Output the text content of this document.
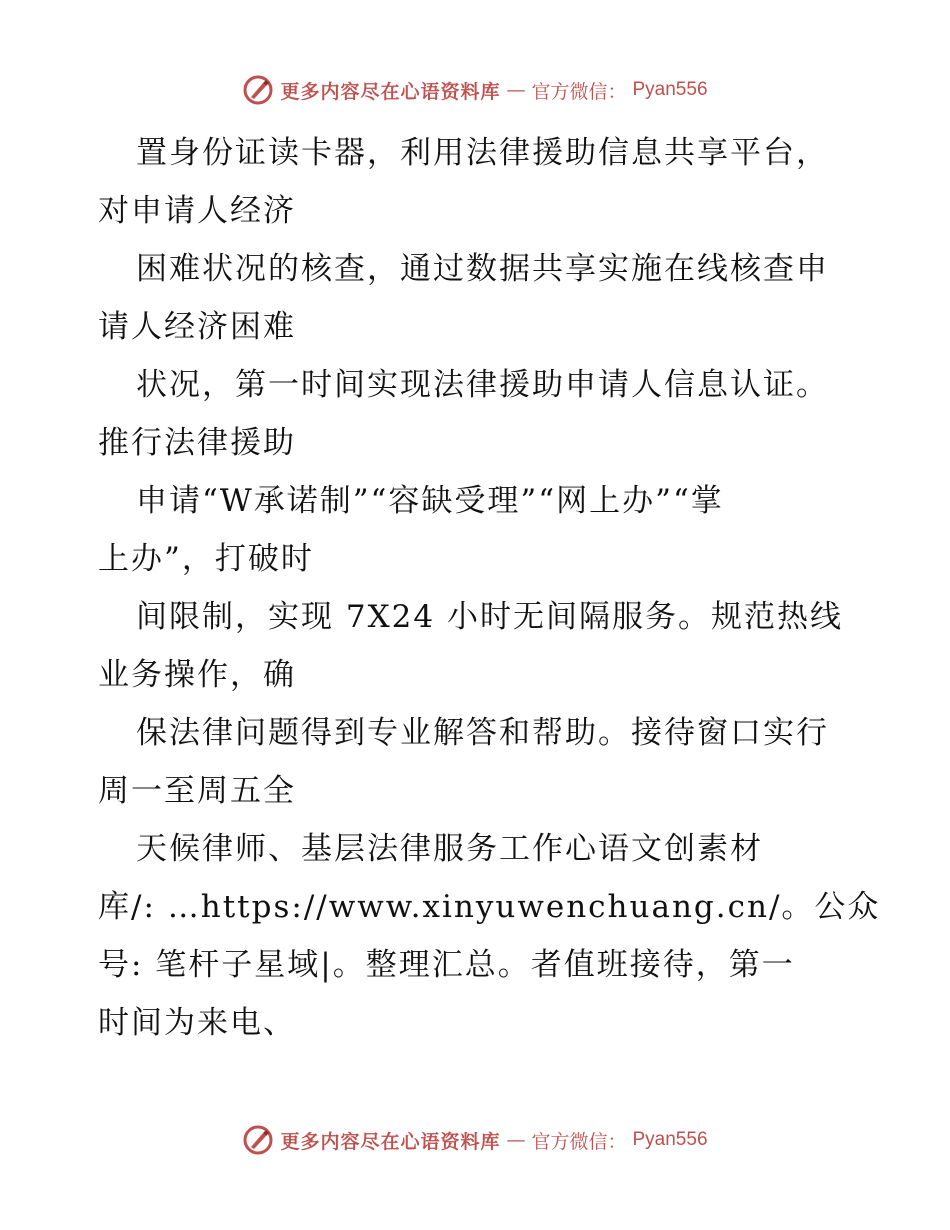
更多内容尽在心语资料库 — 官方微信： Pyan556
置身份证读卡器，利用法律援助信息共享平台，
对申请人经济
困难状况的核查，通过数据共享实施在线核查申
请人经济困难
状况，第一时间实现法律援助申请人信息认证。
推行法律援助
申请“W承诺制”“容缺受理”“网上办”“掌
上办”，打破时
间限制，实现 7X24 小时无间隔服务。规范热线
业务操作，确
保法律问题得到专业解答和帮助。接待窗口实行
周一至周五全
天候律师、基层法律服务工作心语文创素材
库/: …https://www.xinyuwenchuang.cn/。公众
号: 笔杆子星域|。整理汇总。者值班接待，第一
时间为来电、
更多内容尽在心语资料库 — 官方微信： Pyan556
